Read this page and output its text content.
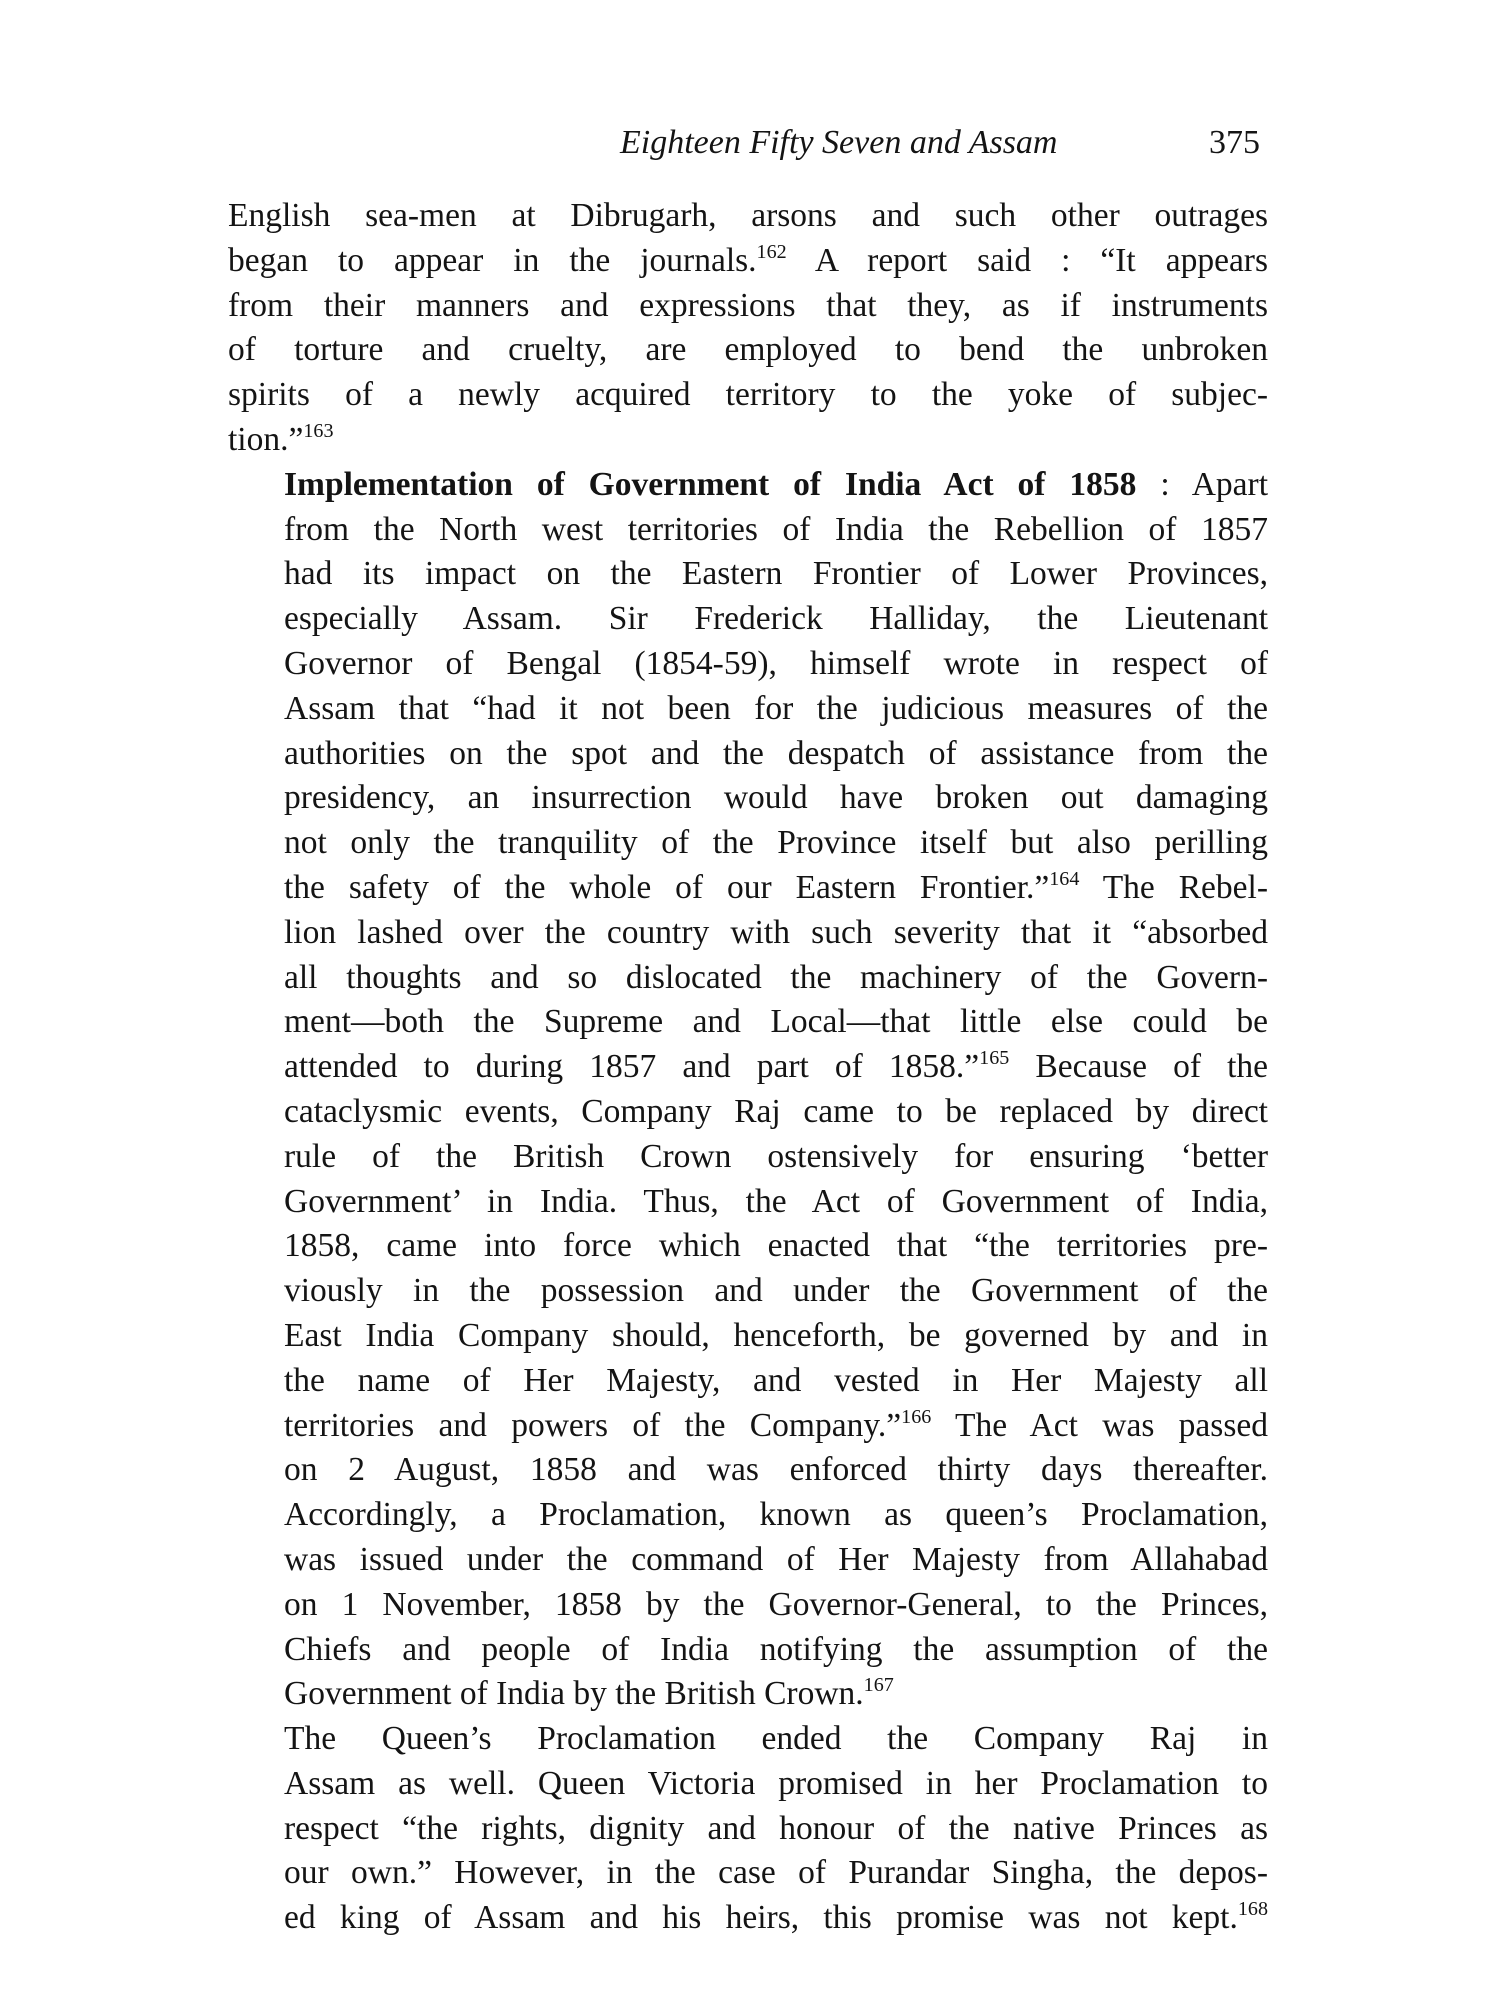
Eighteen Fifty Seven and Assam	375

English sea-men at Dibrugarh, arsons and such other outrages
began to appear in the journals.$^{162}$ A report said : “It appears
from their manners and expressions that they, as if instruments
of torture and cruelty, are employed to bend the unbroken
spirits of a newly acquired territory to the yoke of subjec-
tion.”$^{163}$

Implementation of Government of India Act of 1858 : Apart
from the North west territories of India the Rebellion of 1857
had its impact on the Eastern Frontier of Lower Provinces,
especially Assam. Sir Frederick Halliday, the Lieutenant
Governor of Bengal (1854-59), himself wrote in respect of
Assam that “had it not been for the judicious measures of the
authorities on the spot and the despatch of assistance from the
presidency, an insurrection would have broken out damaging
not only the tranquility of the Province itself but also perilling
the safety of the whole of our Eastern Frontier.”$^{164}$ The Rebel-
lion lashed over the country with such severity that it “absorbed
all thoughts and so dislocated the machinery of the Govern-
ment—both the Supreme and Local—that little else could be
attended to during 1857 and part of 1858.”$^{165}$ Because of the
cataclysmic events, Company Raj came to be replaced by direct
rule of the British Crown ostensively for ensuring ‘better
Government’ in India. Thus, the Act of Government of India,
1858, came into force which enacted that “the territories pre-
viously in the possession and under the Government of the
East India Company should, henceforth, be governed by and in
the name of Her Majesty, and vested in Her Majesty all
territories and powers of the Company.”$^{166}$ The Act was passed
on 2 August, 1858 and was enforced thirty days thereafter.
Accordingly, a Proclamation, known as queen’s Proclamation,
was issued under the command of Her Majesty from Allahabad
on 1 November, 1858 by the Governor-General, to the Princes,
Chiefs and people of India notifying the assumption of the
Government of India by the British Crown.$^{167}$

The Queen’s Proclamation ended the Company Raj in
Assam as well. Queen Victoria promised in her Proclamation to
respect “the rights, dignity and honour of the native Princes as
our own.” However, in the case of Purandar Singha, the depos-
ed king of Assam and his heirs, this promise was not kept.$^{168}$
